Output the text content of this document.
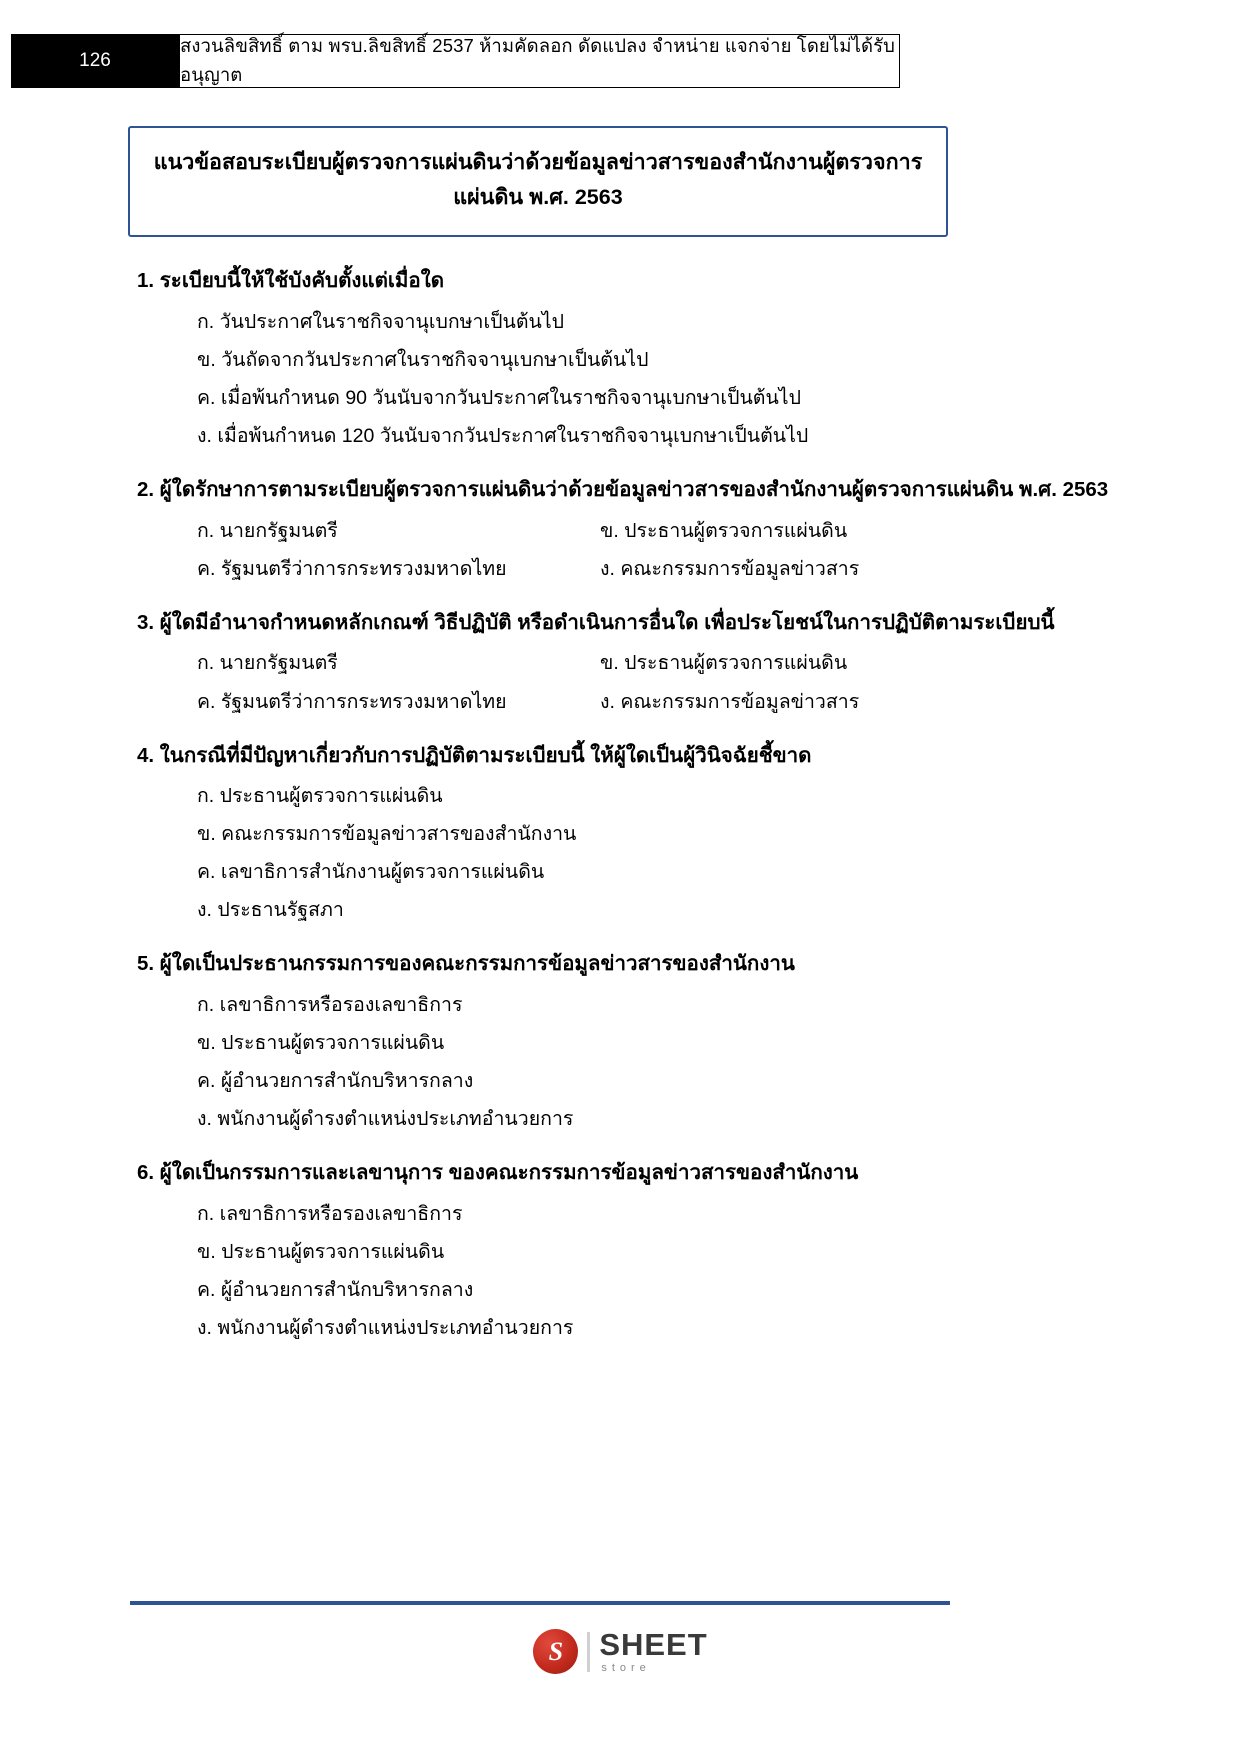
126
สงวนลิขสิทธิ์ ตาม พรบ.ลิขสิทธิ์ 2537 ห้ามคัดลอก ดัดแปลง จำหน่าย แจกจ่าย โดยไม่ได้รับอนุญาต
แนวข้อสอบระเบียบผู้ตรวจการแผ่นดินว่าด้วยข้อมูลข่าวสารของสำนักงานผู้ตรวจการแผ่นดิน พ.ศ. 2563
1. ระเบียบนี้ให้ใช้บังคับตั้งแต่เมื่อใด
ก. วันประกาศในราชกิจจานุเบกษาเป็นต้นไป
ข. วันถัดจากวันประกาศในราชกิจจานุเบกษาเป็นต้นไป
ค. เมื่อพ้นกำหนด 90 วันนับจากวันประกาศในราชกิจจานุเบกษาเป็นต้นไป
ง. เมื่อพ้นกำหนด 120 วันนับจากวันประกาศในราชกิจจานุเบกษาเป็นต้นไป
2. ผู้ใดรักษาการตามระเบียบผู้ตรวจการแผ่นดินว่าด้วยข้อมูลข่าวสารของสำนักงานผู้ตรวจการแผ่นดิน พ.ศ. 2563
ก. นายกรัฐมนตรี	ข. ประธานผู้ตรวจการแผ่นดิน
ค. รัฐมนตรีว่าการกระทรวงมหาดไทย	ง. คณะกรรมการข้อมูลข่าวสาร
3. ผู้ใดมีอำนาจกำหนดหลักเกณฑ์ วิธีปฏิบัติ หรือดำเนินการอื่นใด เพื่อประโยชน์ในการปฏิบัติตามระเบียบนี้
ก. นายกรัฐมนตรี	ข. ประธานผู้ตรวจการแผ่นดิน
ค. รัฐมนตรีว่าการกระทรวงมหาดไทย	ง. คณะกรรมการข้อมูลข่าวสาร
4. ในกรณีที่มีปัญหาเกี่ยวกับการปฏิบัติตามระเบียบนี้ ให้ผู้ใดเป็นผู้วินิจฉัยชี้ขาด
ก. ประธานผู้ตรวจการแผ่นดิน
ข. คณะกรรมการข้อมูลข่าวสารของสำนักงาน
ค. เลขาธิการสำนักงานผู้ตรวจการแผ่นดิน
ง. ประธานรัฐสภา
5. ผู้ใดเป็นประธานกรรมการของคณะกรรมการข้อมูลข่าวสารของสำนักงาน
ก. เลขาธิการหรือรองเลขาธิการ
ข. ประธานผู้ตรวจการแผ่นดิน
ค. ผู้อำนวยการสำนักบริหารกลาง
ง. พนักงานผู้ดำรงตำแหน่งประเภทอำนวยการ
6. ผู้ใดเป็นกรรมการและเลขานุการ ของคณะกรรมการข้อมูลข่าวสารของสำนักงาน
ก. เลขาธิการหรือรองเลขาธิการ
ข. ประธานผู้ตรวจการแผ่นดิน
ค. ผู้อำนวยการสำนักบริหารกลาง
ง. พนักงานผู้ดำรงตำแหน่งประเภทอำนวยการ
S	SHEET
store
